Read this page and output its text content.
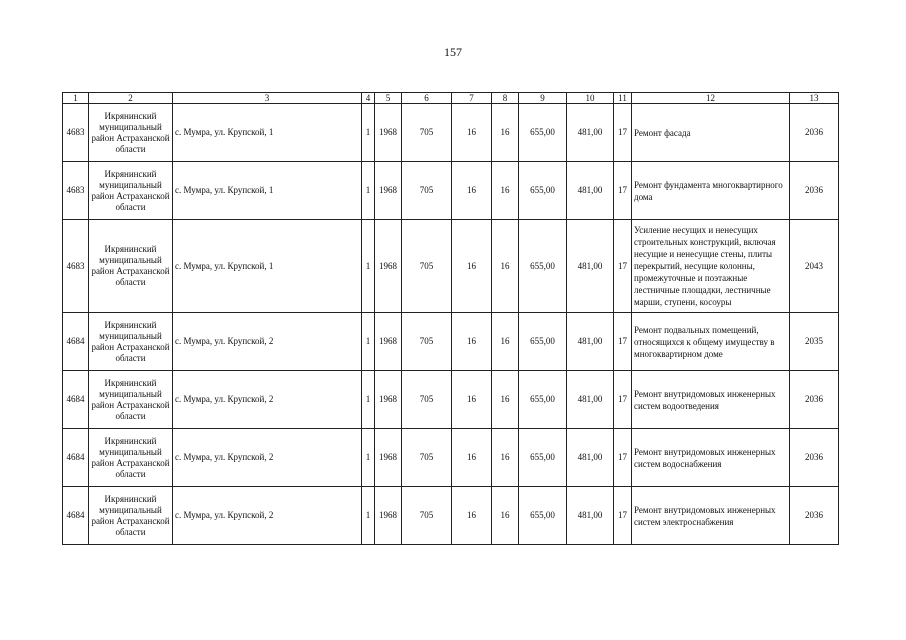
157
1	2	3	4	5	6	7	8	9	10	11	12	13
4683	Икрянинский муниципальный район Астраханской области	с. Мумра, ул. Крупской, 1	1	1968	705	16	16	655,00	481,00	17	Ремонт фасада	2036
4683	Икрянинский муниципальный район Астраханской области	с. Мумра, ул. Крупской, 1	1	1968	705	16	16	655,00	481,00	17	Ремонт фундамента многоквартирного дома	2036
4683	Икрянинский муниципальный район Астраханской области	с. Мумра, ул. Крупской, 1	1	1968	705	16	16	655,00	481,00	17	Усиление несущих и ненесущих строительных конструкций, включая несущие и ненесущие стены, плиты перекрытий, несущие колонны, промежуточные и поэтажные лестничные площадки, лестничные марши, ступени, косоуры	2043
4684	Икрянинский муниципальный район Астраханской области	с. Мумра, ул. Крупской, 2	1	1968	705	16	16	655,00	481,00	17	Ремонт подвальных помещений, относящихся к общему имуществу в многоквартирном доме	2035
4684	Икрянинский муниципальный район Астраханской области	с. Мумра, ул. Крупской, 2	1	1968	705	16	16	655,00	481,00	17	Ремонт внутридомовых инженерных систем водоотведения	2036
4684	Икрянинский муниципальный район Астраханской области	с. Мумра, ул. Крупской, 2	1	1968	705	16	16	655,00	481,00	17	Ремонт внутридомовых инженерных систем водоснабжения	2036
4684	Икрянинский муниципальный район Астраханской области	с. Мумра, ул. Крупской, 2	1	1968	705	16	16	655,00	481,00	17	Ремонт внутридомовых инженерных систем электроснабжения	2036
